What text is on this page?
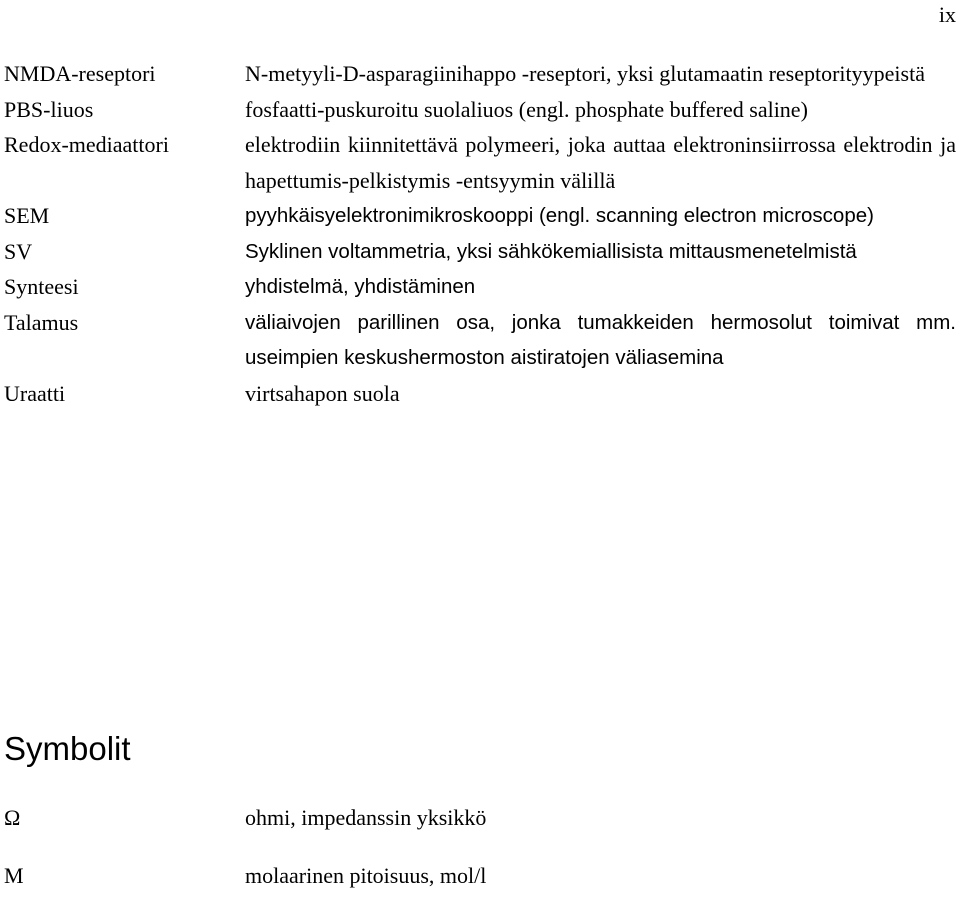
ix
NMDA-reseptori	N-metyyli-D-asparagiinihappo -reseptori, yksi glutamaatin reseptorityypeistä
PBS-liuos	fosfaatti-puskuroitu suolaliuos (engl. phosphate buffered saline)
Redox-mediaattori	elektrodiin kiinnitettävä polymeeri, joka auttaa elektroninsiirrossa elektrodin ja hapettumis-pelkistymis -entsyymin välillä
SEM	pyyhkäisyelektronimikroskooppi (engl. scanning electron microscope)
SV	Syklinen voltammetria, yksi sähkökemiallisista mittausmenetelmistä
Synteesi	yhdistelmä, yhdistäminen
Talamus	väliaivojen parillinen osa, jonka tumakkeiden hermosolut toimivat mm. useimpien keskushermoston aistiratojen väliasemina
Uraatti	virtsahapon suola
Symbolit
Ω	ohmi, impedanssin yksikkö
M	molaarinen pitoisuus, mol/l
